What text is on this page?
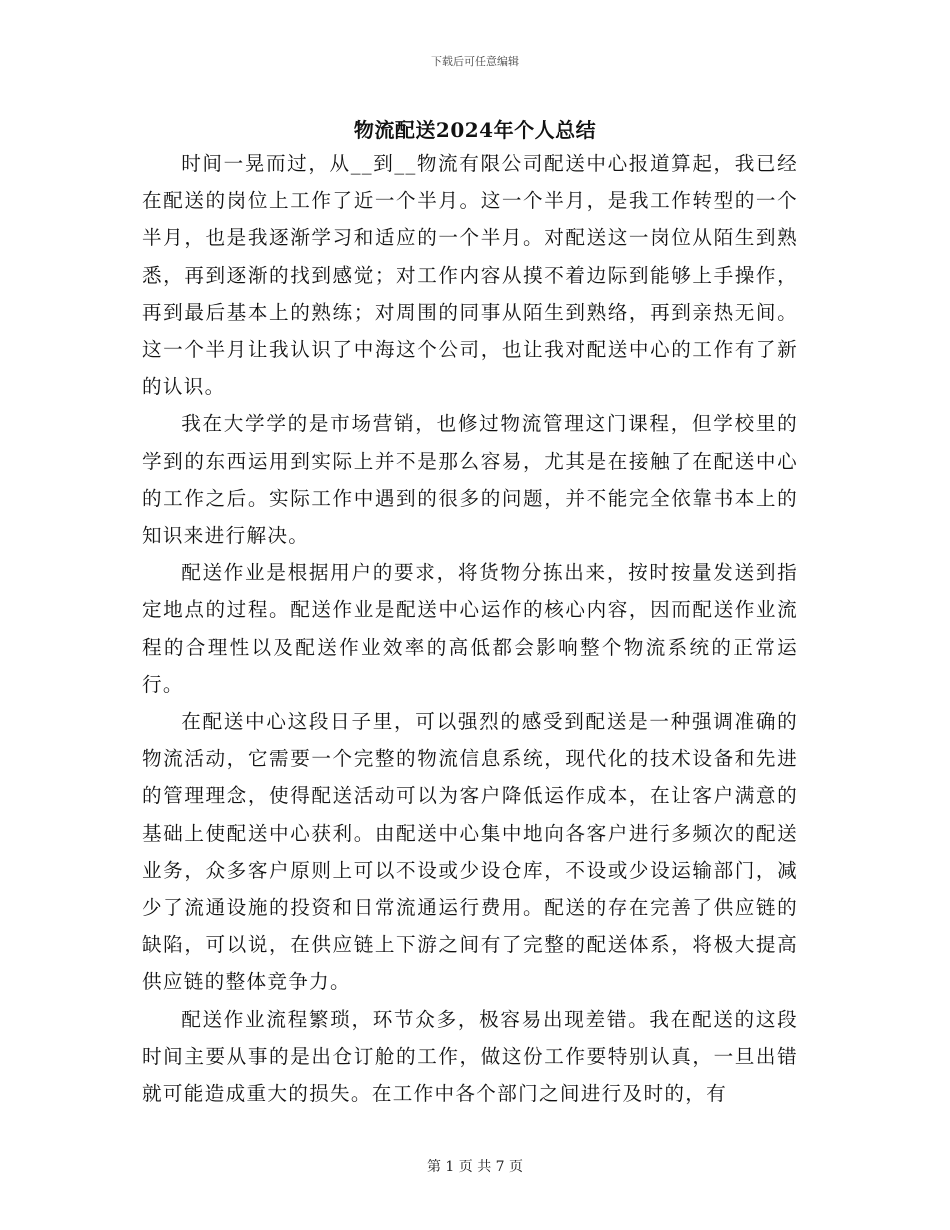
下载后可任意编辑
物流配送2024年个人总结

时间一晃而过，从__到__物流有限公司配送中心报道算起，我已经在配送的岗位上工作了近一个半月。这一个半月，是我工作转型的一个半月，也是我逐渐学习和适应的一个半月。对配送这一岗位从陌生到熟悉，再到逐渐的找到感觉；对工作内容从摸不着边际到能够上手操作，再到最后基本上的熟练；对周围的同事从陌生到熟络，再到亲热无间。这一个半月让我认识了中海这个公司，也让我对配送中心的工作有了新的认识。

我在大学学的是市场营销，也修过物流管理这门课程，但学校里的学到的东西运用到实际上并不是那么容易，尤其是在接触了在配送中心的工作之后。实际工作中遇到的很多的问题，并不能完全依靠书本上的知识来进行解决。

配送作业是根据用户的要求，将货物分拣出来，按时按量发送到指定地点的过程。配送作业是配送中心运作的核心内容，因而配送作业流程的合理性以及配送作业效率的高低都会影响整个物流系统的正常运行。

在配送中心这段日子里，可以强烈的感受到配送是一种强调准确的物流活动，它需要一个完整的物流信息系统，现代化的技术设备和先进的管理理念，使得配送活动可以为客户降低运作成本，在让客户满意的基础上使配送中心获利。由配送中心集中地向各客户进行多频次的配送业务，众多客户原则上可以不设或少设仓库，不设或少设运输部门，减少了流通设施的投资和日常流通运行费用。配送的存在完善了供应链的缺陷，可以说，在供应链上下游之间有了完整的配送体系，将极大提高供应链的整体竞争力。

配送作业流程繁琐，环节众多，极容易出现差错。我在配送的这段时间主要从事的是出仓订舱的工作，做这份工作要特别认真，一旦出错就可能造成重大的损失。在工作中各个部门之间进行及时的，有

第 1 页 共 7 页
